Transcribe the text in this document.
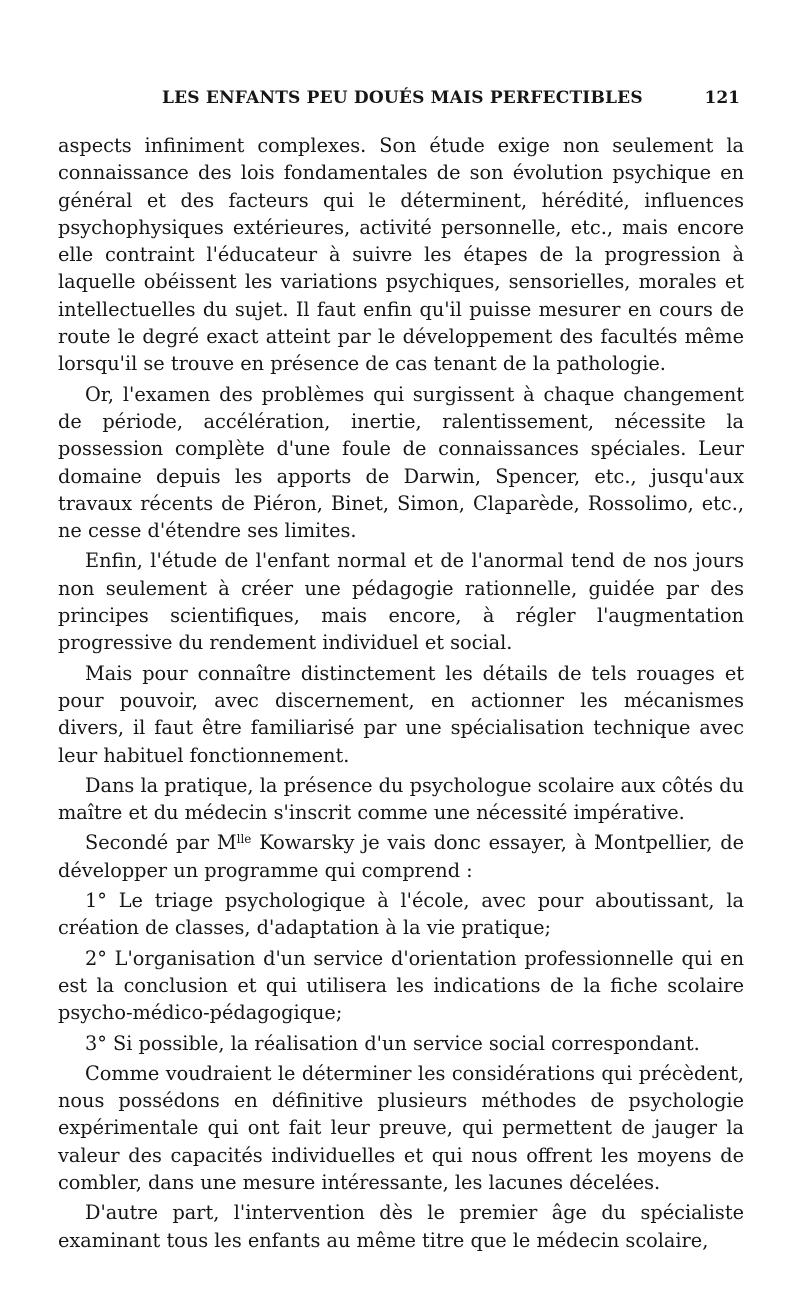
LES ENFANTS PEU DOUÉS MAIS PERFECTIBLES	121

aspects infiniment complexes. Son étude exige non seulement la connaissance des lois fondamentales de son évolution psychique en général et des facteurs qui le déterminent, hérédité, influences psychophysiques extérieures, activité personnelle, etc., mais encore elle contraint l'éducateur à suivre les étapes de la progression à laquelle obéissent les variations psychiques, sensorielles, morales et intellectuelles du sujet. Il faut enfin qu'il puisse mesurer en cours de route le degré exact atteint par le développement des facultés même lorsqu'il se trouve en présence de cas tenant de la pathologie.

Or, l'examen des problèmes qui surgissent à chaque changement de période, accélération, inertie, ralentissement, nécessite la possession complète d'une foule de connaissances spéciales. Leur domaine depuis les apports de Darwin, Spencer, etc., jusqu'aux travaux récents de Piéron, Binet, Simon, Claparède, Rossolimo, etc., ne cesse d'étendre ses limites.

Enfin, l'étude de l'enfant normal et de l'anormal tend de nos jours non seulement à créer une pédagogie rationnelle, guidée par des principes scientifiques, mais encore, à régler l'augmentation progressive du rendement individuel et social.

Mais pour connaître distinctement les détails de tels rouages et pour pouvoir, avec discernement, en actionner les mécanismes divers, il faut être familiarisé par une spécialisation technique avec leur habituel fonctionnement.

Dans la pratique, la présence du psychologue scolaire aux côtés du maître et du médecin s'inscrit comme une nécessité impérative.

Secondé par $M^{lle}$ Kowarsky je vais donc essayer, à Montpellier, de développer un programme qui comprend :

1° Le triage psychologique à l'école, avec pour aboutissant, la création de classes, d'adaptation à la vie pratique;

2° L'organisation d'un service d'orientation professionnelle qui en est la conclusion et qui utilisera les indications de la fiche scolaire psycho-médico-pédagogique;

3° Si possible, la réalisation d'un service social correspondant.

Comme voudraient le déterminer les considérations qui précèdent, nous possédons en définitive plusieurs méthodes de psychologie expérimentale qui ont fait leur preuve, qui permettent de jauger la valeur des capacités individuelles et qui nous offrent les moyens de combler, dans une mesure intéressante, les lacunes décelées.

D'autre part, l'intervention dès le premier âge du spécialiste examinant tous les enfants au même titre que le médecin scolaire,
